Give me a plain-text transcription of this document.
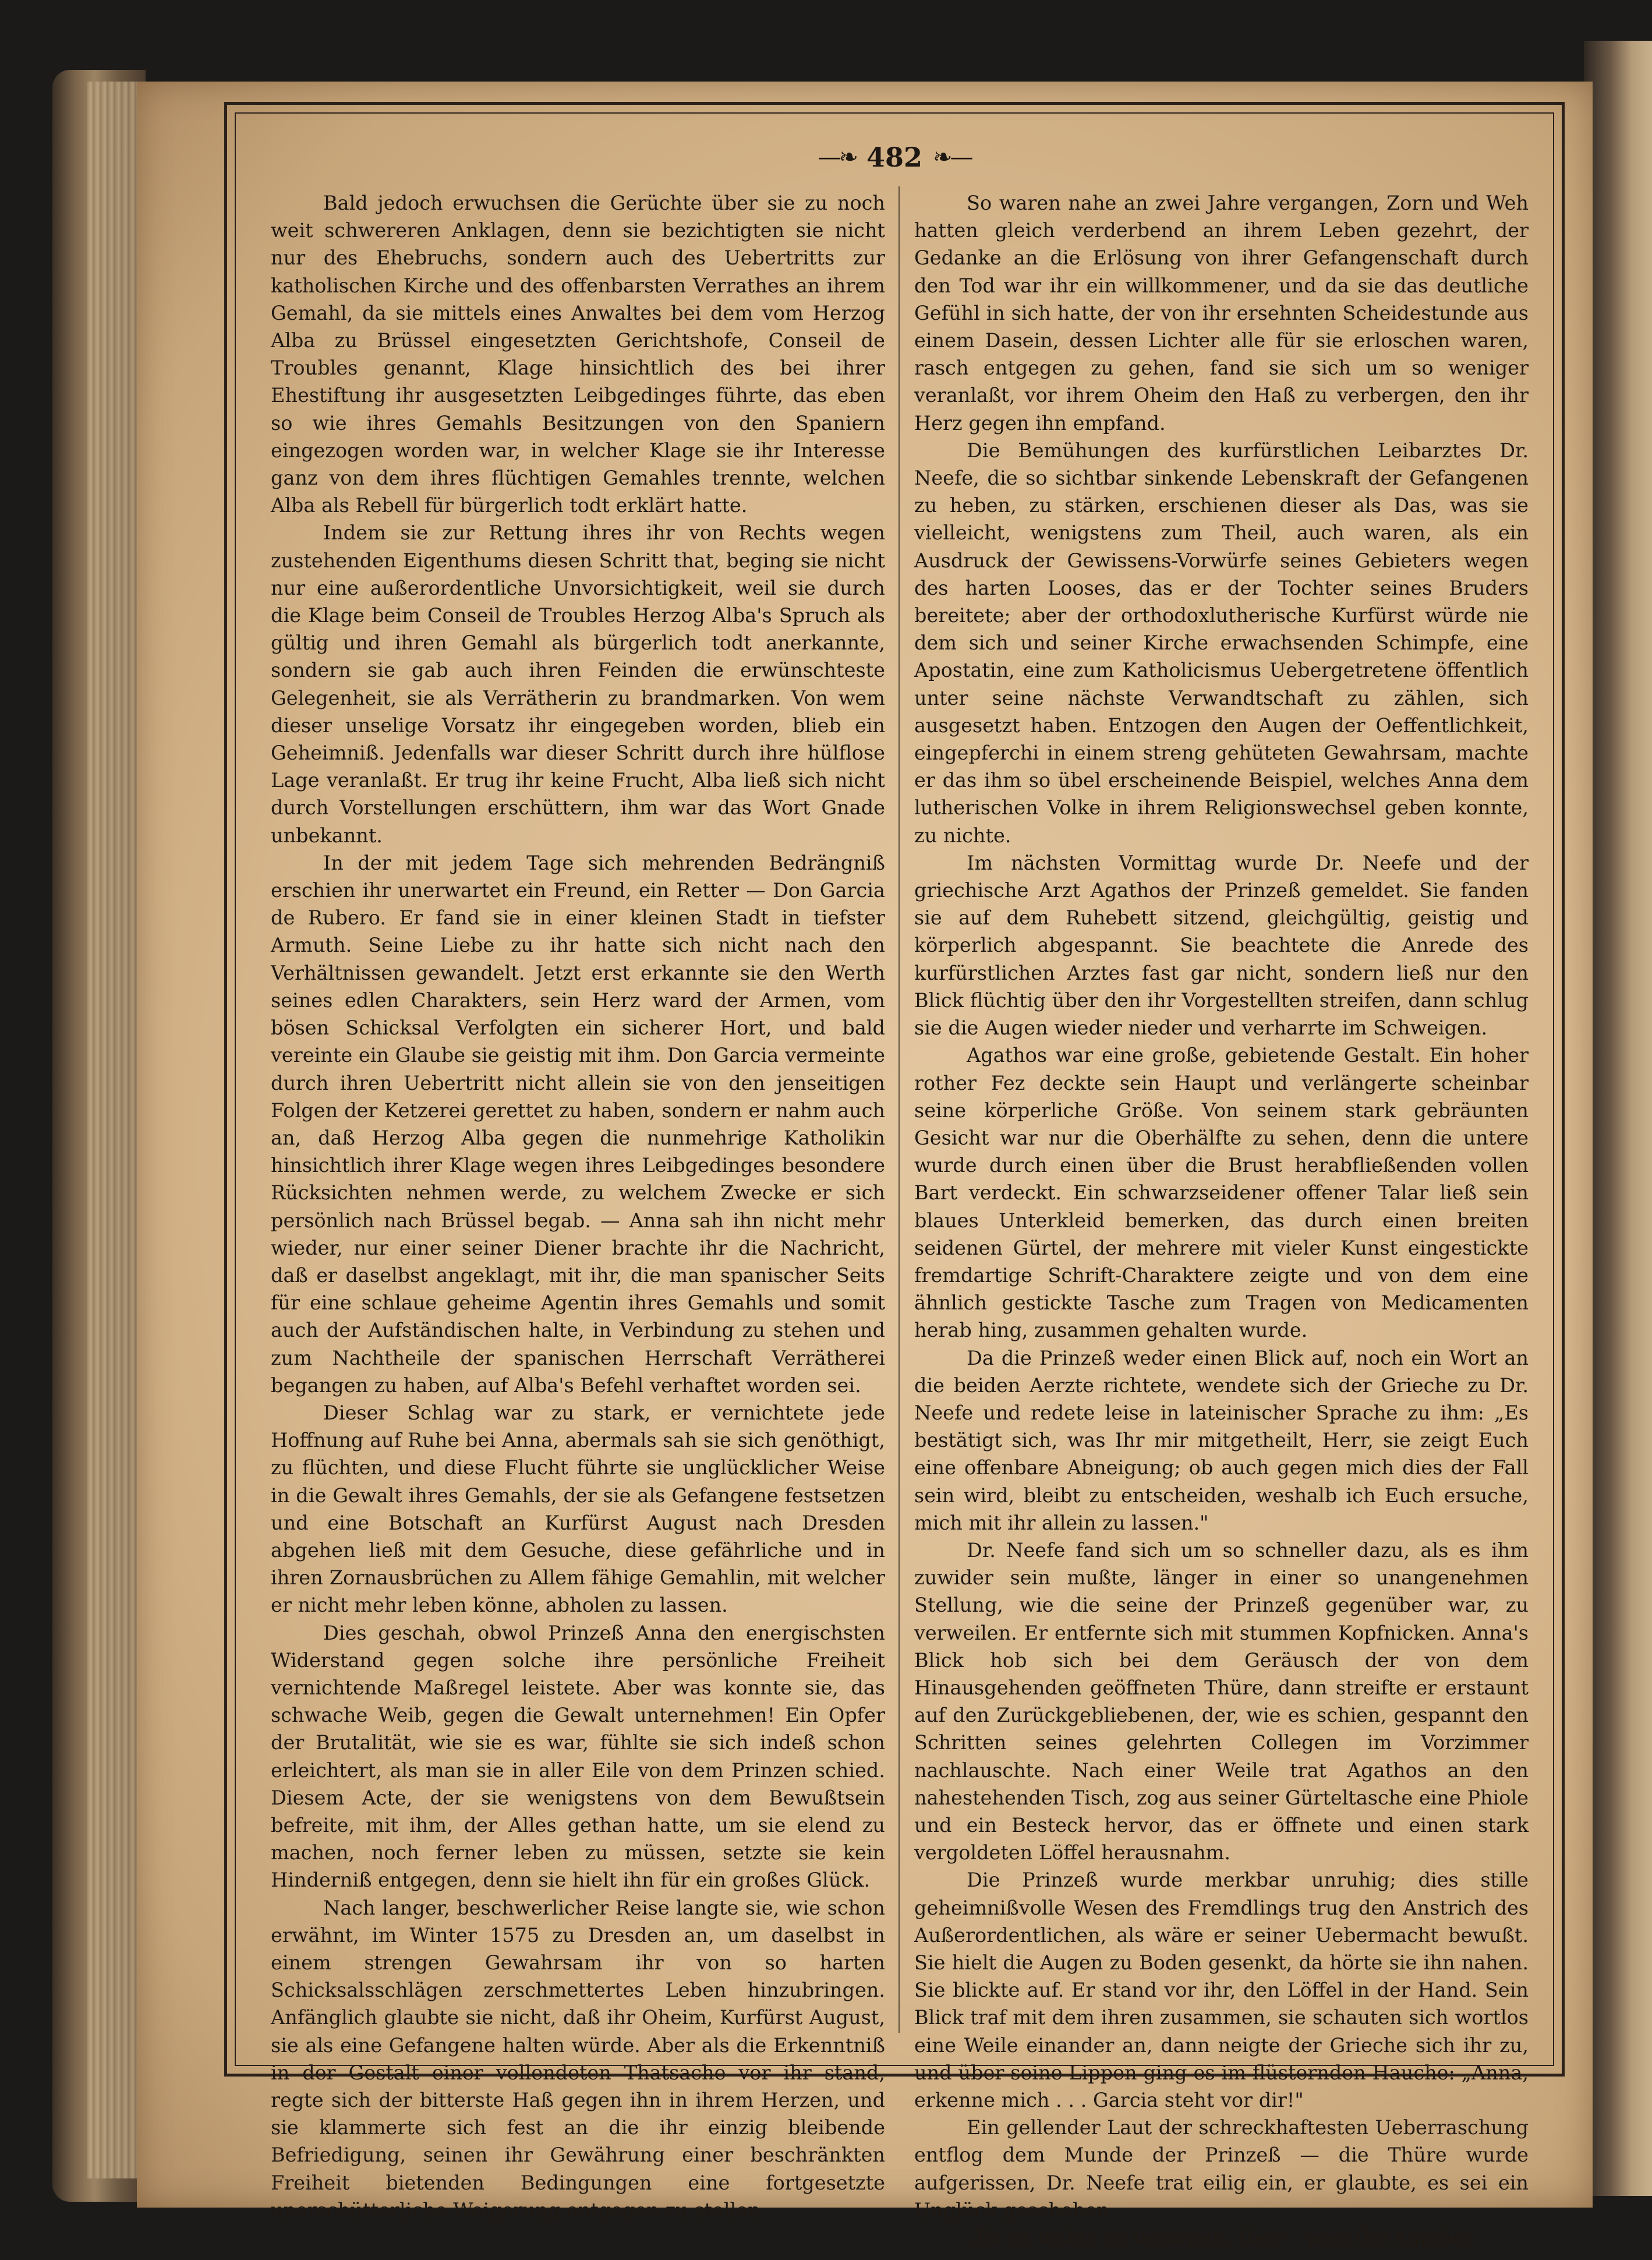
—❧ 482 ❧—

Bald jedoch erwuchsen die Gerüchte über sie zu noch weit schwereren Anklagen, denn sie bezichtigten sie nicht nur des Ehebruchs, sondern auch des Uebertritts zur katholischen Kirche und des offenbarsten Verrathes an ihrem Gemahl, da sie mittels eines Anwaltes bei dem vom Herzog Alba zu Brüssel eingesetzten Gerichtshofe, Conseil de Troubles genannt, Klage hinsichtlich des bei ihrer Ehestiftung ihr ausgesetzten Leibgedinges führte, das eben so wie ihres Gemahls Besitzungen von den Spaniern eingezogen worden war, in welcher Klage sie ihr Interesse ganz von dem ihres flüchtigen Gemahles trennte, welchen Alba als Rebell für bürgerlich todt erklärt hatte.

Indem sie zur Rettung ihres ihr von Rechts wegen zustehenden Eigenthums diesen Schritt that, beging sie nicht nur eine außerordentliche Unvorsichtigkeit, weil sie durch die Klage beim Conseil de Troubles Herzog Alba's Spruch als gültig und ihren Gemahl als bürgerlich todt anerkannte, sondern sie gab auch ihren Feinden die erwünschteste Gelegenheit, sie als Verrätherin zu brandmarken. Von wem dieser unselige Vorsatz ihr eingegeben worden, blieb ein Geheimniß. Jedenfalls war dieser Schritt durch ihre hülflose Lage veranlaßt. Er trug ihr keine Frucht, Alba ließ sich nicht durch Vorstellungen erschüttern, ihm war das Wort Gnade unbekannt.

In der mit jedem Tage sich mehrenden Bedrängniß erschien ihr unerwartet ein Freund, ein Retter — Don Garcia de Rubero. Er fand sie in einer kleinen Stadt in tiefster Armuth. Seine Liebe zu ihr hatte sich nicht nach den Verhältnissen gewandelt. Jetzt erst erkannte sie den Werth seines edlen Charakters, sein Herz ward der Armen, vom bösen Schicksal Verfolgten ein sicherer Hort, und bald vereinte ein Glaube sie geistig mit ihm. Don Garcia vermeinte durch ihren Uebertritt nicht allein sie von den jenseitigen Folgen der Ketzerei gerettet zu haben, sondern er nahm auch an, daß Herzog Alba gegen die nunmehrige Katholikin hinsichtlich ihrer Klage wegen ihres Leibgedinges besondere Rücksichten nehmen werde, zu welchem Zwecke er sich persönlich nach Brüssel begab. — Anna sah ihn nicht mehr wieder, nur einer seiner Diener brachte ihr die Nachricht, daß er daselbst angeklagt, mit ihr, die man spanischer Seits für eine schlaue geheime Agentin ihres Gemahls und somit auch der Aufständischen halte, in Verbindung zu stehen und zum Nachtheile der spanischen Herrschaft Verrätherei begangen zu haben, auf Alba's Befehl verhaftet worden sei.

Dieser Schlag war zu stark, er vernichtete jede Hoffnung auf Ruhe bei Anna, abermals sah sie sich genöthigt, zu flüchten, und diese Flucht führte sie unglücklicher Weise in die Gewalt ihres Gemahls, der sie als Gefangene festsetzen und eine Botschaft an Kurfürst August nach Dresden abgehen ließ mit dem Gesuche, diese gefährliche und in ihren Zornausbrüchen zu Allem fähige Gemahlin, mit welcher er nicht mehr leben könne, abholen zu lassen.

Dies geschah, obwol Prinzeß Anna den energischsten Widerstand gegen solche ihre persönliche Freiheit vernichtende Maßregel leistete. Aber was konnte sie, das schwache Weib, gegen die Gewalt unternehmen! Ein Opfer der Brutalität, wie sie es war, fühlte sie sich indeß schon erleichtert, als man sie in aller Eile von dem Prinzen schied. Diesem Acte, der sie wenigstens von dem Bewußtsein befreite, mit ihm, der Alles gethan hatte, um sie elend zu machen, noch ferner leben zu müssen, setzte sie kein Hinderniß entgegen, denn sie hielt ihn für ein großes Glück.

Nach langer, beschwerlicher Reise langte sie, wie schon erwähnt, im Winter 1575 zu Dresden an, um daselbst in einem strengen Gewahrsam ihr von so harten Schicksalsschlägen zerschmettertes Leben hinzubringen. Anfänglich glaubte sie nicht, daß ihr Oheim, Kurfürst August, sie als eine Gefangene halten würde. Aber als die Erkenntniß in der Gestalt einer vollendeten Thatsache vor ihr stand, regte sich der bitterste Haß gegen ihn in ihrem Herzen, und sie klammerte sich fest an die ihr einzig bleibende Befriedigung, seinen ihr Gewährung einer beschränkten Freiheit bietenden Bedingungen eine fortgesetzte unerschütterliche Weigerung entgegen zu stellen.

So waren nahe an zwei Jahre vergangen, Zorn und Weh hatten gleich verderbend an ihrem Leben gezehrt, der Gedanke an die Erlösung von ihrer Gefangenschaft durch den Tod war ihr ein willkommener, und da sie das deutliche Gefühl in sich hatte, der von ihr ersehnten Scheidestunde aus einem Dasein, dessen Lichter alle für sie erloschen waren, rasch entgegen zu gehen, fand sie sich um so weniger veranlaßt, vor ihrem Oheim den Haß zu verbergen, den ihr Herz gegen ihn empfand.

Die Bemühungen des kurfürstlichen Leibarztes Dr. Neefe, die so sichtbar sinkende Lebenskraft der Gefangenen zu heben, zu stärken, erschienen dieser als Das, was sie vielleicht, wenigstens zum Theil, auch waren, als ein Ausdruck der Gewissens-Vorwürfe seines Gebieters wegen des harten Looses, das er der Tochter seines Bruders bereitete; aber der orthodoxlutherische Kurfürst würde nie dem sich und seiner Kirche erwachsenden Schimpfe, eine Apostatin, eine zum Katholicismus Uebergetretene öffentlich unter seine nächste Verwandtschaft zu zählen, sich ausgesetzt haben. Entzogen den Augen der Oeffentlichkeit, eingepferchi in einem streng gehüteten Gewahrsam, machte er das ihm so übel erscheinende Beispiel, welches Anna dem lutherischen Volke in ihrem Religionswechsel geben konnte, zu nichte.

Im nächsten Vormittag wurde Dr. Neefe und der griechische Arzt Agathos der Prinzeß gemeldet. Sie fanden sie auf dem Ruhebett sitzend, gleichgültig, geistig und körperlich abgespannt. Sie beachtete die Anrede des kurfürstlichen Arztes fast gar nicht, sondern ließ nur den Blick flüchtig über den ihr Vorgestellten streifen, dann schlug sie die Augen wieder nieder und verharrte im Schweigen.

Agathos war eine große, gebietende Gestalt. Ein hoher rother Fez deckte sein Haupt und verlängerte scheinbar seine körperliche Größe. Von seinem stark gebräunten Gesicht war nur die Oberhälfte zu sehen, denn die untere wurde durch einen über die Brust herabfließenden vollen Bart verdeckt. Ein schwarzseidener offener Talar ließ sein blaues Unterkleid bemerken, das durch einen breiten seidenen Gürtel, der mehrere mit vieler Kunst eingestickte fremdartige Schrift-Charaktere zeigte und von dem eine ähnlich gestickte Tasche zum Tragen von Medicamenten herab hing, zusammen gehalten wurde.

Da die Prinzeß weder einen Blick auf, noch ein Wort an die beiden Aerzte richtete, wendete sich der Grieche zu Dr. Neefe und redete leise in lateinischer Sprache zu ihm: „Es bestätigt sich, was Ihr mir mitgetheilt, Herr, sie zeigt Euch eine offenbare Abneigung; ob auch gegen mich dies der Fall sein wird, bleibt zu entscheiden, weshalb ich Euch ersuche, mich mit ihr allein zu lassen."

Dr. Neefe fand sich um so schneller dazu, als es ihm zuwider sein mußte, länger in einer so unangenehmen Stellung, wie die seine der Prinzeß gegenüber war, zu verweilen. Er entfernte sich mit stummen Kopfnicken. Anna's Blick hob sich bei dem Geräusch der von dem Hinausgehenden geöffneten Thüre, dann streifte er erstaunt auf den Zurückgebliebenen, der, wie es schien, gespannt den Schritten seines gelehrten Collegen im Vorzimmer nachlauschte. Nach einer Weile trat Agathos an den nahestehenden Tisch, zog aus seiner Gürteltasche eine Phiole und ein Besteck hervor, das er öffnete und einen stark vergoldeten Löffel herausnahm.

Die Prinzeß wurde merkbar unruhig; dies stille geheimnißvolle Wesen des Fremdlings trug den Anstrich des Außerordentlichen, als wäre er seiner Uebermacht bewußt. Sie hielt die Augen zu Boden gesenkt, da hörte sie ihn nahen. Sie blickte auf. Er stand vor ihr, den Löffel in der Hand. Sein Blick traf mit dem ihren zusammen, sie schauten sich wortlos eine Weile einander an, dann neigte der Grieche sich ihr zu, und über seine Lippen ging es im flüsternden Hauche: „Anna, erkenne mich . . . Garcia steht vor dir!"

Ein gellender Laut der schreckhaftesten Ueberraschung entflog dem Munde der Prinzeß — die Thüre wurde aufgerissen, Dr. Neefe trat eilig ein, er glaubte, es sei ein Unglück geschehen.

„Es ist nichts zu besorgen, Herr", wies ihn Agathos
